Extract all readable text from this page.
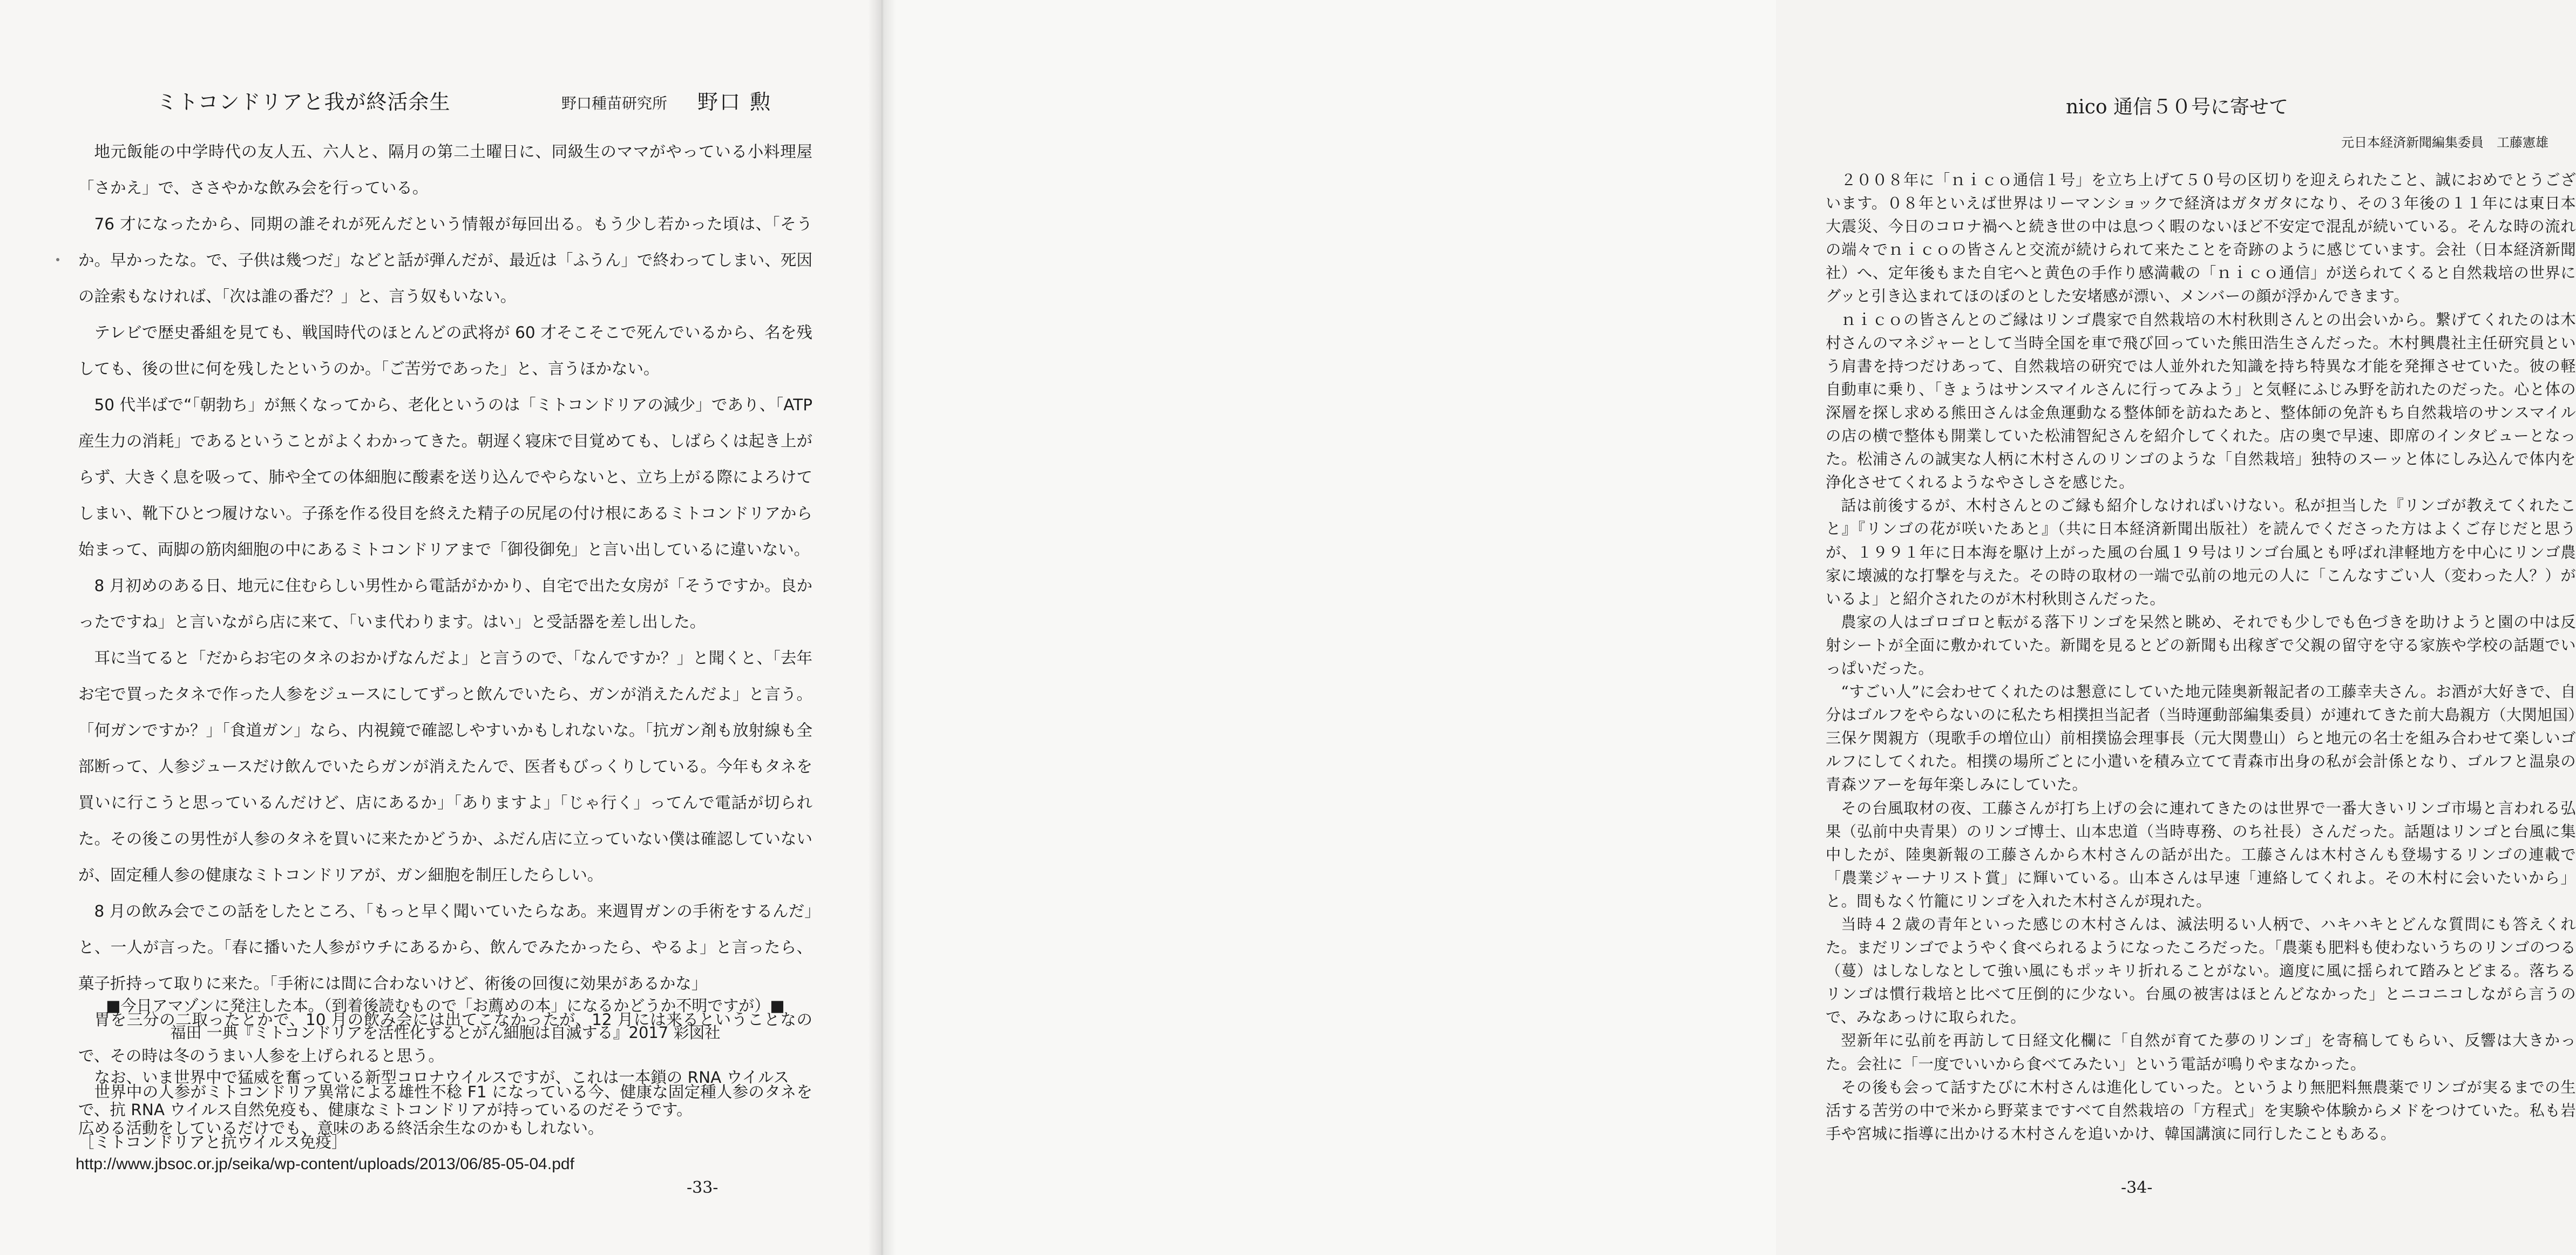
ミトコンドリアと我が終活余生	野口種苗研究所 野口 勲

地元飯能の中学時代の友人五、六人と、隔月の第二土曜日に、同級生のママがやっている小料理屋「さかえ」で、ささやかな飲み会を行っている。

76 才になったから、同期の誰それが死んだという情報が毎回出る。もう少し若かった頃は、「そうか。早かったな。で、子供は幾つだ」などと話が弾んだが、最近は「ふうん」で終わってしまい、死因の詮索もなければ、「次は誰の番だ？」と、言う奴もいない。

テレビで歴史番組を見ても、戦国時代のほとんどの武将が 60 才そこそこで死んでいるから、名を残しても、後の世に何を残したというのか。「ご苦労であった」と、言うほかない。

50 代半ばで“「朝勃ち」が無くなってから、老化というのは「ミトコンドリアの減少」であり、「ATP 産生力の消耗」であるということがよくわかってきた。朝遅く寝床で目覚めても、しばらくは起き上がらず、大きく息を吸って、肺や全ての体細胞に酸素を送り込んでやらないと、立ち上がる際によろけてしまい、靴下ひとつ履けない。子孫を作る役目を終えた精子の尻尾の付け根にあるミトコンドリアから始まって、両脚の筋肉細胞の中にあるミトコンドリアまで「御役御免」と言い出しているに違いない。

8 月初めのある日、地元に住むらしい男性から電話がかかり、自宅で出た女房が「そうですか。良かったですね」と言いながら店に来て、「いま代わります。はい」と受話器を差し出した。

耳に当てると「だからお宅のタネのおかげなんだよ」と言うので、「なんですか？」と聞くと、「去年お宅で買ったタネで作った人参をジュースにしてずっと飲んでいたら、ガンが消えたんだよ」と言う。「何ガンですか？」「食道ガン」なら、内視鏡で確認しやすいかもしれないな。「抗ガン剤も放射線も全部断って、人参ジュースだけ飲んでいたらガンが消えたんで、医者もびっくりしている。今年もタネを買いに行こうと思っているんだけど、店にあるか」「ありますよ」「じゃ行く」ってんで電話が切られた。その後この男性が人参のタネを買いに来たかどうか、ふだん店に立っていない僕は確認していないが、固定種人参の健康なミトコンドリアが、ガン細胞を制圧したらしい。

8 月の飲み会でこの話をしたところ、「もっと早く聞いていたらなあ。来週胃ガンの手術をするんだ」と、一人が言った。「春に播いた人参がウチにあるから、飲んでみたかったら、やるよ」と言ったら、菓子折持って取りに来た。「手術には間に合わないけど、術後の回復に効果があるかな」

胃を三分の二取ったとかで、10 月の飲み会には出てこなかったが、12 月には来るということなので、その時は冬のうまい人参を上げられると思う。

世界中の人参がミトコンドリア異常による雄性不稔 F1 になっている今、健康な固定種人参のタネを広める活動をしているだけでも、意味のある終活余生なのかもしれない。

■今日アマゾンに発注した本。（到着後読むもので「お薦めの本」になるかどうか不明ですが）■
福田 一典『ミトコンドリアを活性化するとがん細胞は自滅する』2017 彩図社

なお、いま世界中で猛威を奮っている新型コロナウイルスですが、これは一本鎖の RNA ウイルスで、抗 RNA ウイルス自然免疫も、健康なミトコンドリアが持っているのだそうです。

［ミトコンドリアと抗ウイルス免疫］

http://www.jbsoc.or.jp/seika/wp-content/uploads/2013/06/85-05-04.pdf
-33-
nico 通信５０号に寄せて
元日本経済新聞編集委員　工藤憲雄

２００８年に「ｎｉｃｏ通信１号」を立ち上げて５０号の区切りを迎えられたこと、誠におめでとうございます。０８年といえば世界はリーマンショックで経済はガタガタになり、その３年後の１１年には東日本大震災、今日のコロナ禍へと続き世の中は息つく暇のないほど不安定で混乱が続いている。そんな時の流れの端々でｎｉｃｏの皆さんと交流が続けられて来たことを奇跡のように感じています。会社（日本経済新聞社）へ、定年後もまた自宅へと黄色の手作り感満載の「ｎｉｃｏ通信」が送られてくると自然栽培の世界にグッと引き込まれてほのぼのとした安堵感が漂い、メンバーの顔が浮かんできます。

ｎｉｃｏの皆さんとのご縁はリンゴ農家で自然栽培の木村秋則さんとの出会いから。繋げてくれたのは木村さんのマネジャーとして当時全国を車で飛び回っていた熊田浩生さんだった。木村興農社主任研究員という肩書を持つだけあって、自然栽培の研究では人並外れた知識を持ち特異な才能を発揮させていた。彼の軽自動車に乗り、「きょうはサンスマイルさんに行ってみよう」と気軽にふじみ野を訪れたのだった。心と体の深層を探し求める熊田さんは金魚運動なる整体師を訪ねたあと、整体師の免許もち自然栽培のサンスマイルの店の横で整体も開業していた松浦智紀さんを紹介してくれた。店の奥で早速、即席のインタビューとなった。松浦さんの誠実な人柄に木村さんのリンゴのような「自然栽培」独特のスーッと体にしみ込んで体内を浄化させてくれるようなやさしさを感じた。

話は前後するが、木村さんとのご縁も紹介しなければいけない。私が担当した『リンゴが教えてくれたこと』『リンゴの花が咲いたあと』（共に日本経済新聞出版社）を読んでくださった方はよくご存じだと思うが、１９９１年に日本海を駆け上がった風の台風１９号はリンゴ台風とも呼ばれ津軽地方を中心にリンゴ農家に壊滅的な打撃を与えた。その時の取材の一端で弘前の地元の人に「こんなすごい人（変わった人？）がいるよ」と紹介されたのが木村秋則さんだった。

農家の人はゴロゴロと転がる落下リンゴを呆然と眺め、それでも少しでも色づきを助けようと園の中は反射シートが全面に敷かれていた。新聞を見るとどの新聞も出稼ぎで父親の留守を守る家族や学校の話題でいっぱいだった。

“すごい人”に会わせてくれたのは懇意にしていた地元陸奥新報記者の工藤幸夫さん。お酒が大好きで、自分はゴルフをやらないのに私たち相撲担当記者（当時運動部編集委員）が連れてきた前大島親方（大関旭国）三保ケ関親方（現歌手の増位山）前相撲協会理事長（元大関豊山）らと地元の名士を組み合わせて楽しいゴルフにしてくれた。相撲の場所ごとに小遣いを積み立てて青森市出身の私が会計係となり、ゴルフと温泉の青森ツアーを毎年楽しみにしていた。

その台風取材の夜、工藤さんが打ち上げの会に連れてきたのは世界で一番大きいリンゴ市場と言われる弘果（弘前中央青果）のリンゴ博士、山本忠道（当時専務、のち社長）さんだった。話題はリンゴと台風に集中したが、陸奥新報の工藤さんから木村さんの話が出た。工藤さんは木村さんも登場するリンゴの連載で「農業ジャーナリスト賞」に輝いている。山本さんは早速「連絡してくれよ。その木村に会いたいから」と。間もなく竹籠にリンゴを入れた木村さんが現れた。

当時４２歳の青年といった感じの木村さんは、滅法明るい人柄で、ハキハキとどんな質問にも答えくれた。まだリンゴでようやく食べられるようになったころだった。「農薬も肥料も使わないうちのリンゴのつる（蔓）はしなしなとして強い風にもポッキリ折れることがない。適度に風に揺られて踏みとどまる。落ちるリンゴは慣行栽培と比べて圧倒的に少ない。台風の被害はほとんどなかった」とニコニコしながら言うので、みなあっけに取られた。

翌新年に弘前を再訪して日経文化欄に「自然が育てた夢のリンゴ」を寄稿してもらい、反響は大きかった。会社に「一度でいいから食べてみたい」という電話が鳴りやまなかった。

その後も会って話すたびに木村さんは進化していった。というより無肥料無農薬でリンゴが実るまでの生活する苦労の中で米から野菜まですべて自然栽培の「方程式」を実験や体験からメドをつけていた。私も岩手や宮城に指導に出かける木村さんを追いかけ、韓国講演に同行したこともある。

-34-
